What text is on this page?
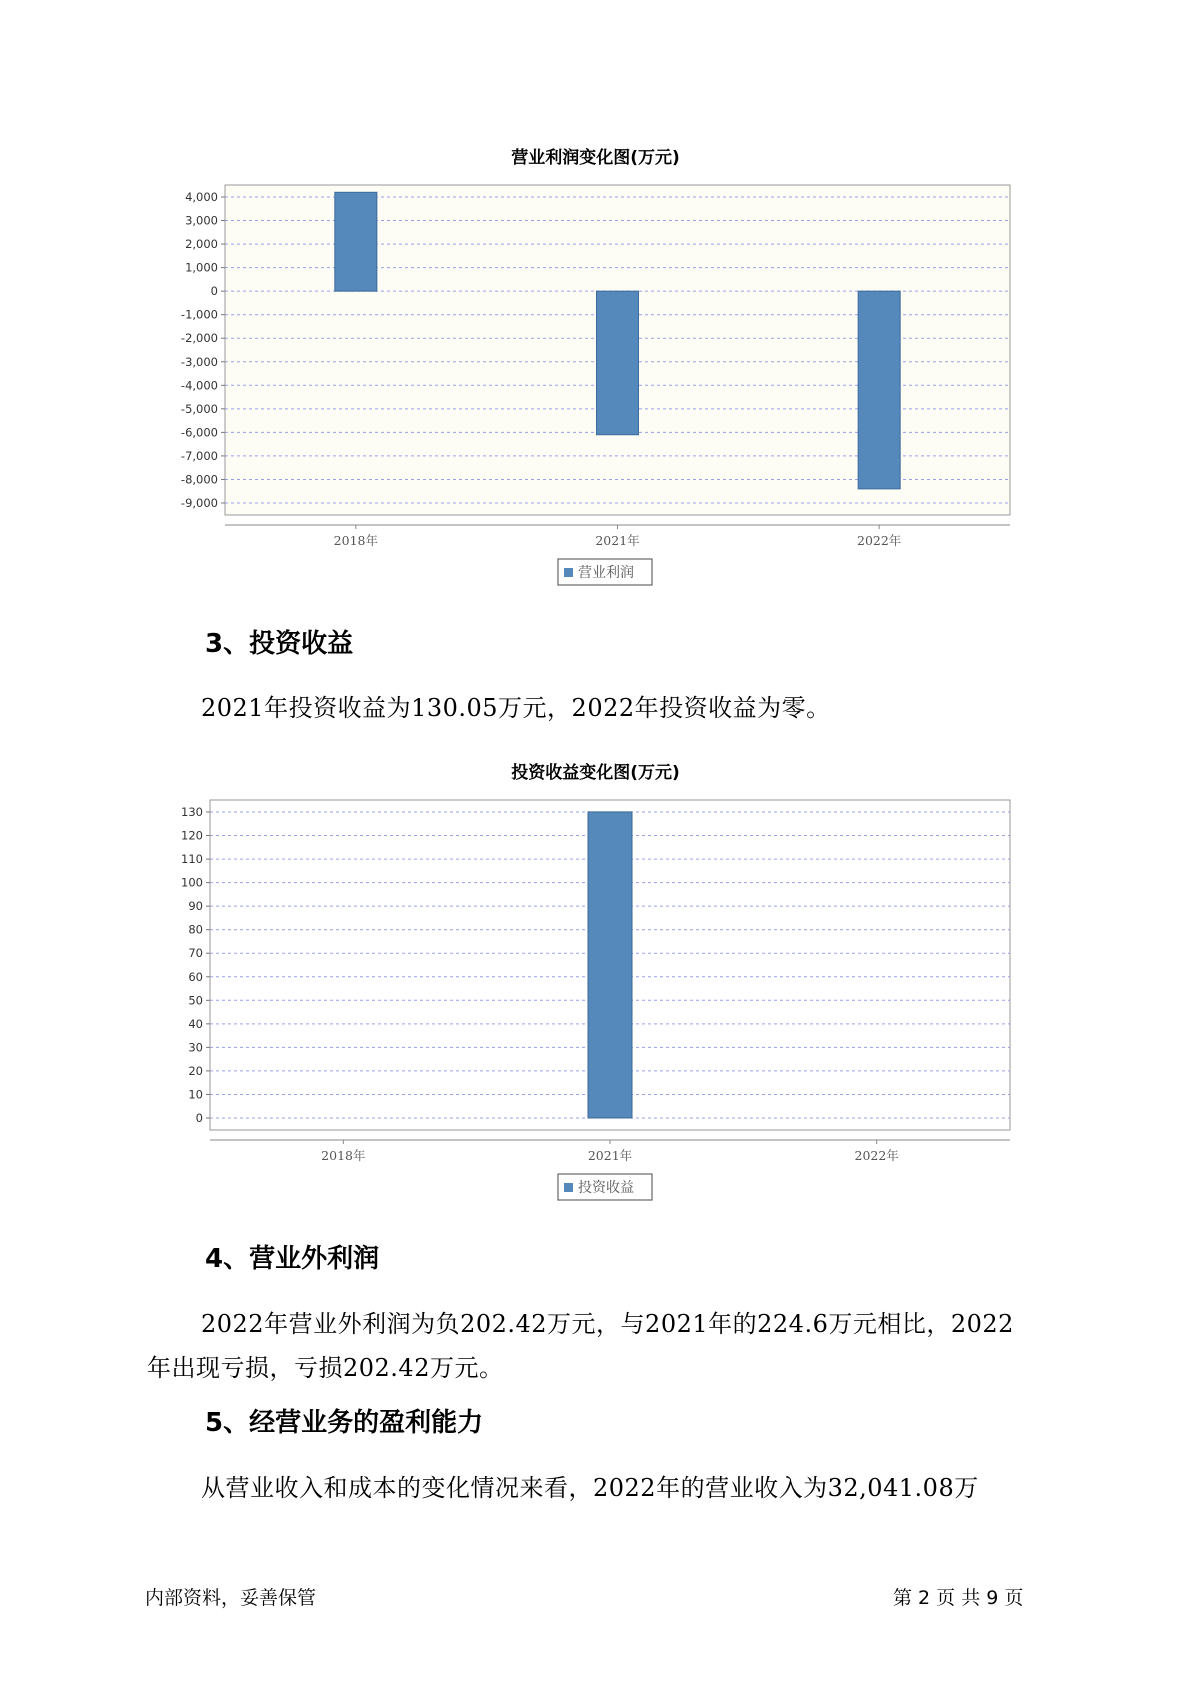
营业利润变化图(万元)
4,000
3,000
2,000
1,000
0
-1,000
-2,000
-3,000
-4,000
-5,000
-6,000
-7,000
-8,000
-9,000
2018年	2021年	2022年
营业利润
3、投资收益
2021年投资收益为130.05万元，2022年投资收益为零。
投资收益变化图(万元)
130
120
110
100
90
80
70
60
50
40
30
20
10
0
2018年	2021年	2022年
投资收益
4、营业外利润
2022年营业外利润为负202.42万元，与2021年的224.6万元相比，2022
年出现亏损，亏损202.42万元。
5、经营业务的盈利能力
从营业收入和成本的变化情况来看，2022年的营业收入为32,041.08万
内部资料，妥善保管	第 2 页 共 9 页
